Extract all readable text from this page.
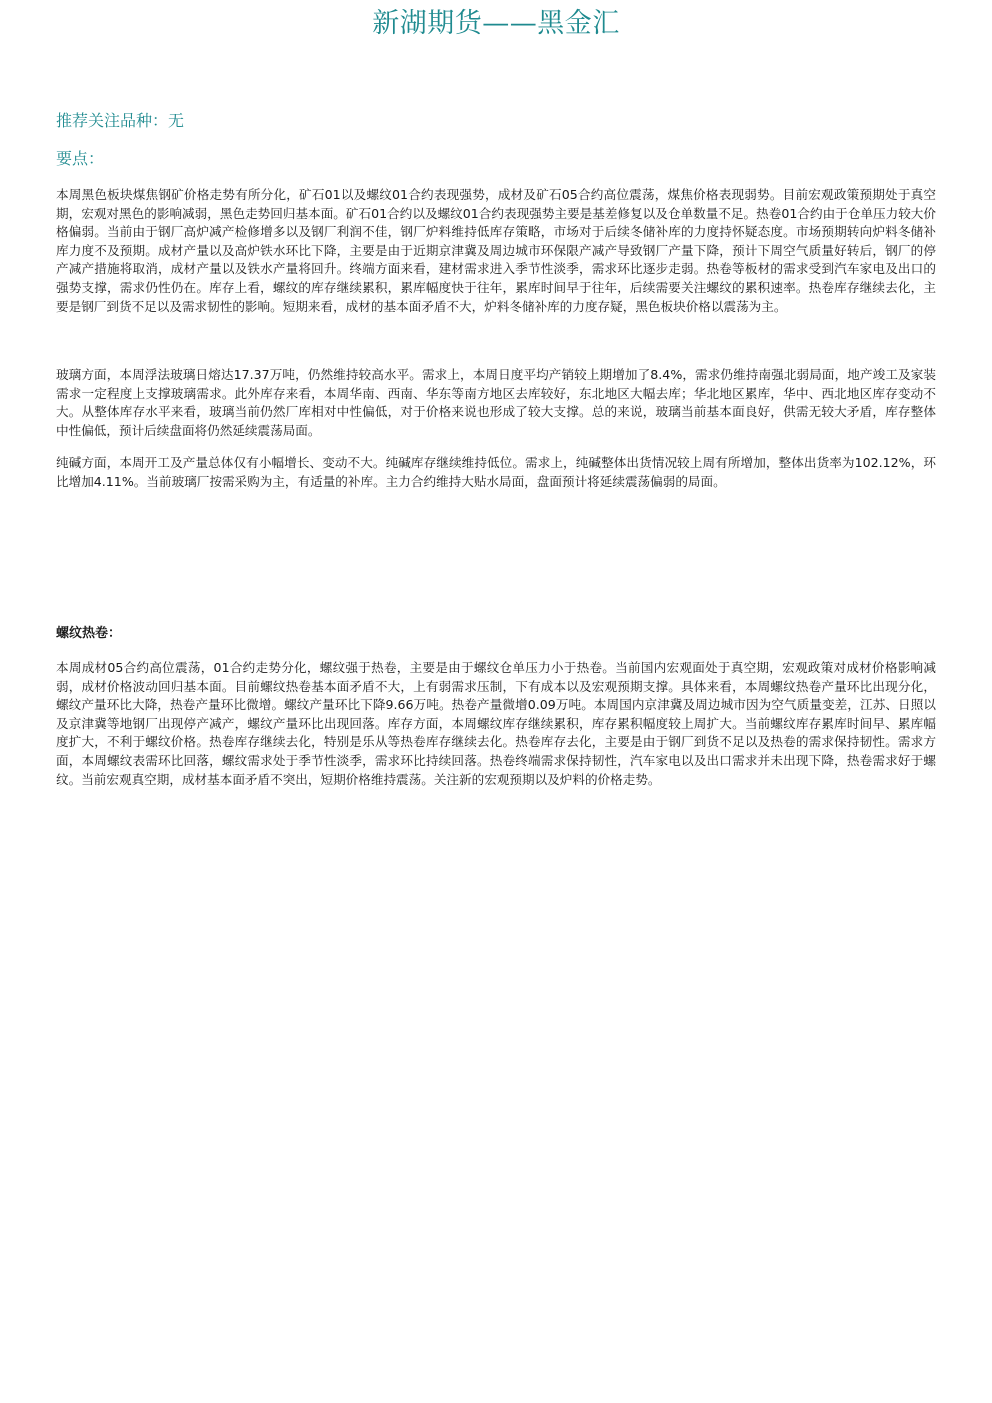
新湖期货——黑金汇
推荐关注品种：无
要点：

本周黑色板块煤焦钢矿价格走势有所分化，矿石01以及螺纹01合约表现强势，成材及矿石05合约高位震荡，煤焦价格表现弱势。目前宏观政策预期处于真空期，宏观对黑色的影响减弱，黑色走势回归基本面。矿石01合约以及螺纹01合约表现强势主要是基差修复以及仓单数量不足。热卷01合约由于仓单压力较大价格偏弱。当前由于钢厂高炉减产检修增多以及钢厂利润不佳，钢厂炉料维持低库存策略，市场对于后续冬储补库的力度持怀疑态度。市场预期转向炉料冬储补库力度不及预期。成材产量以及高炉铁水环比下降，主要是由于近期京津冀及周边城市环保限产减产导致钢厂产量下降，预计下周空气质量好转后，钢厂的停产减产措施将取消，成材产量以及铁水产量将回升。终端方面来看，建材需求进入季节性淡季，需求环比逐步走弱。热卷等板材的需求受到汽车家电及出口的强势支撑，需求仍性仍在。库存上看，螺纹的库存继续累积，累库幅度快于往年，累库时间早于往年，后续需要关注螺纹的累积速率。热卷库存继续去化，主要是钢厂到货不足以及需求韧性的影响。短期来看，成材的基本面矛盾不大，炉料冬储补库的力度存疑，黑色板块价格以震荡为主。

玻璃方面，本周浮法玻璃日熔达17.37万吨，仍然维持较高水平。需求上，本周日度平均产销较上期增加了8.4%，需求仍维持南强北弱局面，地产竣工及家装需求一定程度上支撑玻璃需求。此外库存来看，本周华南、西南、华东等南方地区去库较好，东北地区大幅去库；华北地区累库，华中、西北地区库存变动不大。从整体库存水平来看，玻璃当前仍然厂库相对中性偏低，对于价格来说也形成了较大支撑。总的来说，玻璃当前基本面良好，供需无较大矛盾，库存整体中性偏低，预计后续盘面将仍然延续震荡局面。

纯碱方面，本周开工及产量总体仅有小幅增长、变动不大。纯碱库存继续维持低位。需求上，纯碱整体出货情况较上周有所增加，整体出货率为102.12%，环比增加4.11%。当前玻璃厂按需采购为主，有适量的补库。主力合约维持大贴水局面，盘面预计将延续震荡偏弱的局面。

螺纹热卷：

本周成材05合约高位震荡，01合约走势分化，螺纹强于热卷，主要是由于螺纹仓单压力小于热卷。当前国内宏观面处于真空期，宏观政策对成材价格影响减弱，成材价格波动回归基本面。目前螺纹热卷基本面矛盾不大，上有弱需求压制，下有成本以及宏观预期支撑。具体来看，本周螺纹热卷产量环比出现分化，螺纹产量环比大降，热卷产量环比微增。螺纹产量环比下降9.66万吨。热卷产量微增0.09万吨。本周国内京津冀及周边城市因为空气质量变差，江苏、日照以及京津冀等地钢厂出现停产减产，螺纹产量环比出现回落。库存方面，本周螺纹库存继续累积，库存累积幅度较上周扩大。当前螺纹库存累库时间早、累库幅度扩大，不利于螺纹价格。热卷库存继续去化，特别是乐从等热卷库存继续去化。热卷库存去化，主要是由于钢厂到货不足以及热卷的需求保持韧性。需求方面，本周螺纹表需环比回落，螺纹需求处于季节性淡季，需求环比持续回落。热卷终端需求保持韧性，汽车家电以及出口需求并未出现下降，热卷需求好于螺纹。当前宏观真空期，成材基本面矛盾不突出，短期价格维持震荡。关注新的宏观预期以及炉料的价格走势。
